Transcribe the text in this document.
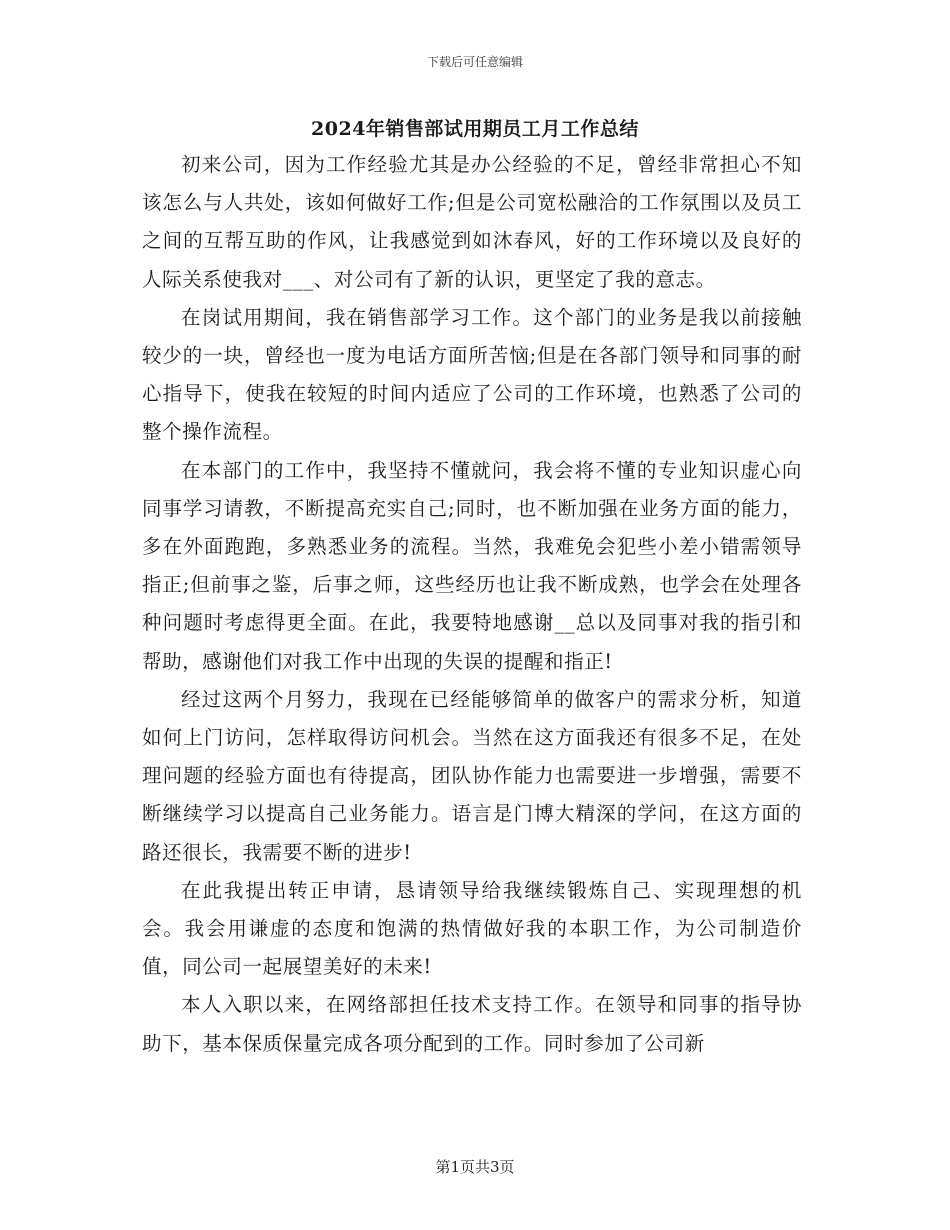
下载后可任意编辑
2024年销售部试用期员工月工作总结

初来公司，因为工作经验尤其是办公经验的不足，曾经非常担心不知该怎么与人共处，该如何做好工作;但是公司宽松融洽的工作氛围以及员工之间的互帮互助的作风，让我感觉到如沐春风，好的工作环境以及良好的人际关系使我对___、对公司有了新的认识，更坚定了我的意志。

在岗试用期间，我在销售部学习工作。这个部门的业务是我以前接触较少的一块，曾经也一度为电话方面所苦恼;但是在各部门领导和同事的耐心指导下，使我在较短的时间内适应了公司的工作环境，也熟悉了公司的整个操作流程。

在本部门的工作中，我坚持不懂就问，我会将不懂的专业知识虚心向同事学习请教，不断提高充实自己;同时，也不断加强在业务方面的能力，多在外面跑跑，多熟悉业务的流程。当然，我难免会犯些小差小错需领导指正;但前事之鉴，后事之师，这些经历也让我不断成熟，也学会在处理各种问题时考虑得更全面。在此，我要特地感谢__总以及同事对我的指引和帮助，感谢他们对我工作中出现的失误的提醒和指正!

经过这两个月努力，我现在已经能够简单的做客户的需求分析，知道如何上门访问，怎样取得访问机会。当然在这方面我还有很多不足，在处理问题的经验方面也有待提高，团队协作能力也需要进一步增强，需要不断继续学习以提高自己业务能力。语言是门博大精深的学问，在这方面的路还很长，我需要不断的进步!

在此我提出转正申请，恳请领导给我继续锻炼自己、实现理想的机会。我会用谦虚的态度和饱满的热情做好我的本职工作，为公司制造价值，同公司一起展望美好的未来!

本人入职以来，在网络部担任技术支持工作。在领导和同事的指导协助下，基本保质保量完成各项分配到的工作。同时参加了公司新

第1页共3页
